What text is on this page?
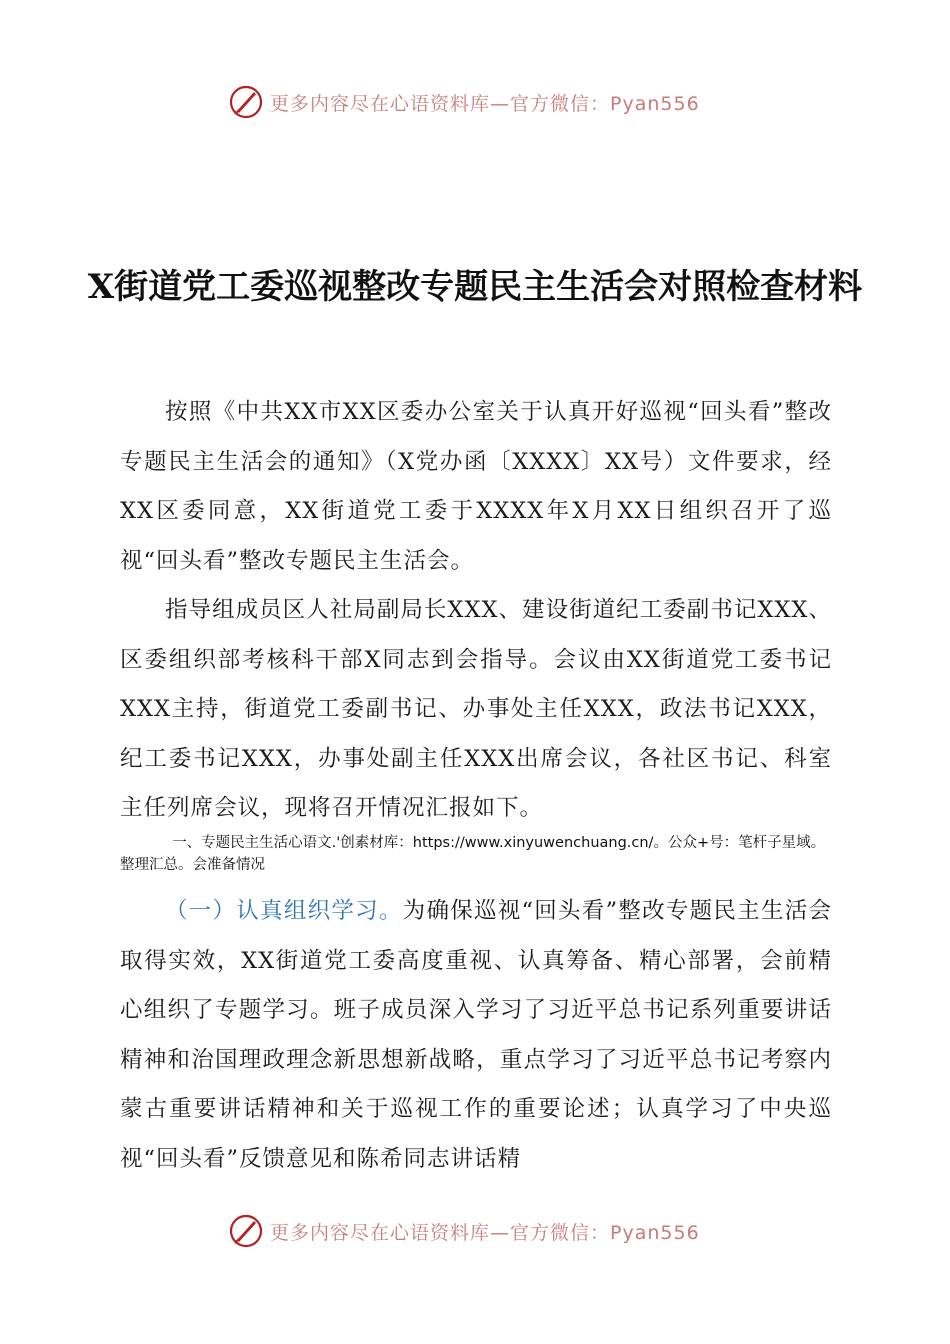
更多内容尽在心语资料库—官方微信：Pyan556
X街道党工委巡视整改专题民主生活会对照检查材料

按照《中共XX市XX区委办公室关于认真开好巡视“回头看”整改专题民主生活会的通知》（X党办函〔XXXX〕XX号）文件要求，经XX区委同意，XX街道党工委于XXXX年X月XX日组织召开了巡视“回头看”整改专题民主生活会。

指导组成员区人社局副局长XXX、建设街道纪工委副书记XXX、区委组织部考核科干部X同志到会指导。会议由XX街道党工委书记XXX主持，街道党工委副书记、办事处主任XXX，政法书记XXX，纪工委书记XXX，办事处副主任XXX出席会议，各社区书记、科室主任列席会议，现将召开情况汇报如下。

一、专题民主生活心语文.'创素材库：https://www.xinyuwenchuang.cn/。公众+号：笔杆子星域。整理汇总。会准备情况

（一）认真组织学习。为确保巡视“回头看”整改专题民主生活会取得实效，XX街道党工委高度重视、认真筹备、精心部署，会前精心组织了专题学习。班子成员深入学习了习近平总书记系列重要讲话精神和治国理政理念新思想新战略，重点学习了习近平总书记考察内蒙古重要讲话精神和关于巡视工作的重要论述；认真学习了中央巡视“回头看”反馈意见和陈希同志讲话精

更多内容尽在心语资料库—官方微信：Pyan556
